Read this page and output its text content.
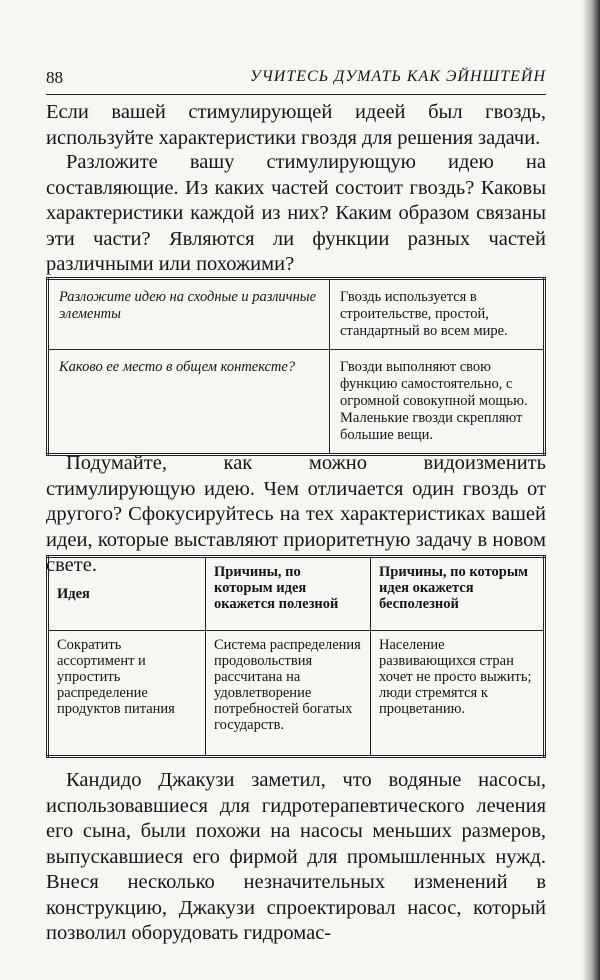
88	УЧИТЕСЬ ДУМАТЬ КАК ЭЙНШТЕЙН

Если вашей стимулирующей идеей был гвоздь, используйте характеристики гвоздя для решения задачи.

Разложите вашу стимулирующую идею на составляющие. Из каких частей состоит гвоздь? Каковы характеристики каждой из них? Каким образом связаны эти части? Являются ли функции разных частей различными или похожими?

Разложите идею на сходные и различные элементы	Гвоздь используется в строительстве, простой, стандартный во всем мире.
Каково ее место в общем контексте?	Гвозди выполняют свою функцию самостоятельно, с огромной совокупной мощью. Маленькие гвозди скрепляют большие вещи.

Подумайте, как можно видоизменить стимулирующую идею. Чем отличается один гвоздь от другого? Сфокусируйтесь на тех характеристиках вашей идеи, которые выставляют приоритетную задачу в новом свете.

Идея	Причины, по которым идея окажется полезной	Причины, по которым идея окажется бесполезной
Сократить ассортимент и упростить распределение продуктов питания	Система распределения продовольствия рассчитана на удовлетворение потребностей богатых государств.	Население развивающихся стран хочет не просто выжить; люди стремятся к процветанию.

Кандидо Джакузи заметил, что водяные насосы, использовавшиеся для гидротерапевтического лечения его сына, были похожи на насосы меньших размеров, выпускавшиеся его фирмой для промышленных нужд. Внеся несколько незначительных изменений в конструкцию, Джакузи спроектировал насос, который позволил оборудовать гидромас-
